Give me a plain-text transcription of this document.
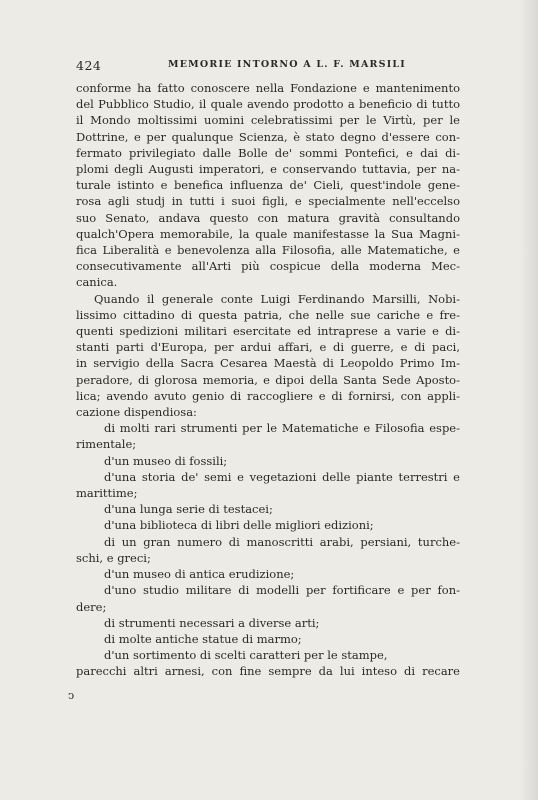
424	MEMORIE INTORNO A L. F. MARSILI
conforme ha fatto conoscere nella Fondazione e mantenimento
del Pubblico Studio, il quale avendo prodotto a beneficio di tutto
il Mondo moltissimi uomini celebratissimi per le Virtù, per le
Dottrine, e per qualunque Scienza, è stato degno d'essere con-
fermato privilegiato dalle Bolle de' sommi Pontefici, e dai di-
plomi degli Augusti imperatori, e conservando tuttavia, per na-
turale istinto e benefica influenza de' Cieli, quest'indole gene-
rosa agli studj in tutti i suoi figli, e specialmente nell'eccelso
suo Senato, andava questo con matura gravità consultando
qualch'Opera memorabile, la quale manifestasse la Sua Magni-
fica Liberalità e benevolenza alla Filosofia, alle Matematiche, e
consecutivamente all'Arti più cospicue della moderna Mec-
canica.
Quando il generale conte Luigi Ferdinando Marsilli, Nobi-
lissimo cittadino di questa patria, che nelle sue cariche e fre-
quenti spedizioni militari esercitate ed intraprese a varie e di-
stanti parti d'Europa, per ardui affari, e di guerre, e di paci,
in servigio della Sacra Cesarea Maestà di Leopoldo Primo Im-
peradore, di glorosa memoria, e dipoi della Santa Sede Aposto-
lica; avendo avuto genio di raccogliere e di fornirsi, con appli-
cazione dispendiosa:
di molti rari strumenti per le Matematiche e Filosofia espe-
rimentale;
d'un museo di fossili;
d'una storia de' semi e vegetazioni delle piante terrestri e
marittime;
d'una lunga serie di testacei;
d'una biblioteca di libri delle migliori edizioni;
di un gran numero di manoscritti arabi, persiani, turche-
schi, e greci;
d'un museo di antica erudizione;
d'uno studio militare di modelli per fortificare e per fon-
dere;
di strumenti necessari a diverse arti;
di molte antiche statue di marmo;
d'un sortimento di scelti caratteri per le stampe,
parecchi altri arnesi, con fine sempre da lui inteso di recare
ↄ
